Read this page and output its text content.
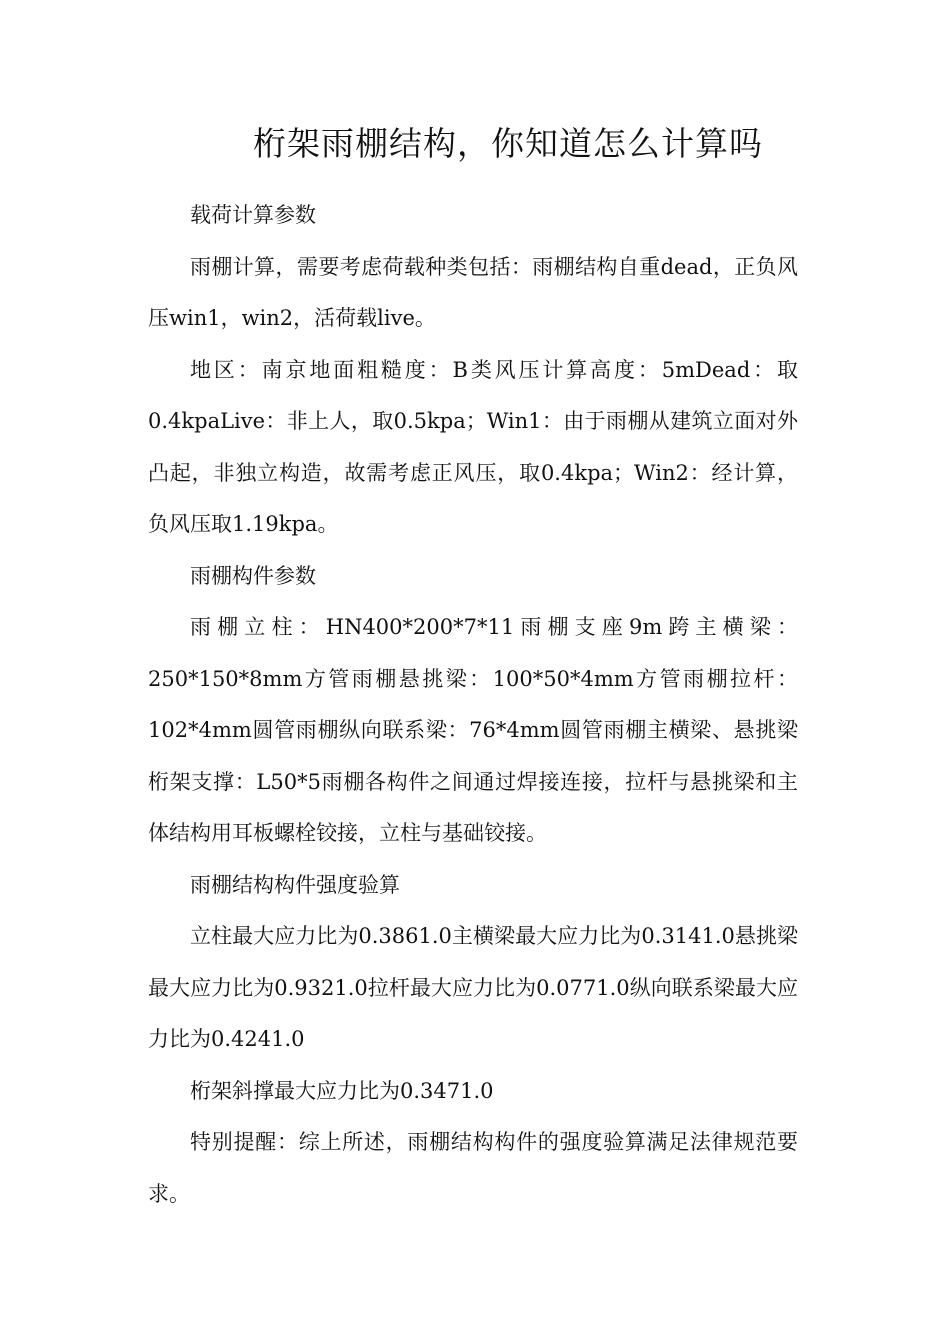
桁架雨棚结构，你知道怎么计算吗

载荷计算参数

雨棚计算，需要考虑荷载种类包括：雨棚结构自重dead，正负风压win1，win2，活荷载live。

地区：南京地面粗糙度：B类风压计算高度：5mDead：取0.4kpaLive：非上人，取0.5kpa；Win1：由于雨棚从建筑立面对外凸起，非独立构造，故需考虑正风压，取0.4kpa；Win2：经计算，负风压取1.19kpa。

雨棚构件参数

雨棚立柱：HN400*200*7*11雨棚支座9m跨主横梁：250*150*8mm方管雨棚悬挑梁：100*50*4mm方管雨棚拉杆：102*4mm圆管雨棚纵向联系梁：76*4mm圆管雨棚主横梁、悬挑梁桁架支撑：L50*5雨棚各构件之间通过焊接连接，拉杆与悬挑梁和主体结构用耳板螺栓铰接，立柱与基础铰接。

雨棚结构构件强度验算

立柱最大应力比为0.3861.0主横梁最大应力比为0.3141.0悬挑梁最大应力比为0.9321.0拉杆最大应力比为0.0771.0纵向联系梁最大应力比为0.4241.0

桁架斜撑最大应力比为0.3471.0

特别提醒：综上所述，雨棚结构构件的强度验算满足法律规范要求。
